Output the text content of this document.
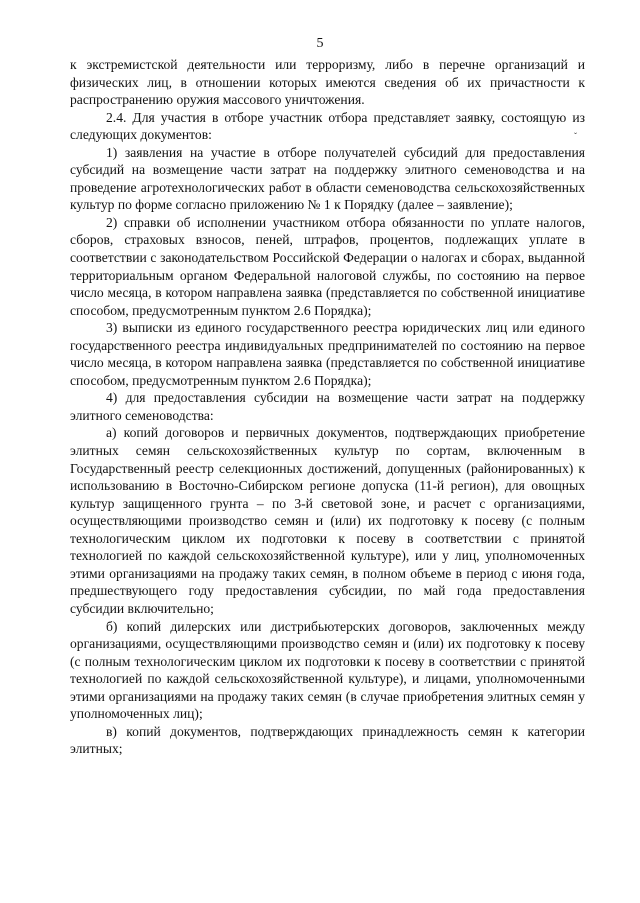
5
ˇ

к экстремистской деятельности или терроризму, либо в перечне организаций и физических лиц, в отношении которых имеются сведения об их причастности к распространению оружия массового уничтожения.

2.4. Для участия в отборе участник отбора представляет заявку, состоящую из следующих документов:

1) заявления на участие в отборе получателей субсидий для предоставления субсидий на возмещение части затрат на поддержку элитного семеноводства и на проведение агротехнологических работ в области семеноводства сельскохозяйственных культур по форме согласно приложению № 1 к Порядку (далее – заявление);

2) справки об исполнении участником отбора обязанности по уплате налогов, сборов, страховых взносов, пеней, штрафов, процентов, подлежащих уплате в соответствии с законодательством Российской Федерации о налогах и сборах, выданной территориальным органом Федеральной налоговой службы, по состоянию на первое число месяца, в котором направлена заявка (представляется по собственной инициативе способом, предусмотренным пунктом 2.6 Порядка);

3) выписки из единого государственного реестра юридических лиц или единого государственного реестра индивидуальных предпринимателей по состоянию на первое число месяца, в котором направлена заявка (представляется по собственной инициативе способом, предусмотренным пунктом 2.6 Порядка);

4) для предоставления субсидии на возмещение части затрат на поддержку элитного семеноводства:

а) копий договоров и первичных документов, подтверждающих приобретение элитных семян сельскохозяйственных культур по сортам, включенным в Государственный реестр селекционных достижений, допущенных (районированных) к использованию в Восточно-Сибирском регионе допуска (11-й регион), для овощных культур защищенного грунта – по 3-й световой зоне, и расчет с организациями, осуществляющими производство семян и (или) их подготовку к посеву (с полным технологическим циклом их подготовки к посеву в соответствии с принятой технологией по каждой сельскохозяйственной культуре), или у лиц, уполномоченных этими организациями на продажу таких семян, в полном объеме в период с июня года, предшествующего году предоставления субсидии, по май года предоставления субсидии включительно;

б) копий дилерских или дистрибьютерских договоров, заключенных между организациями, осуществляющими производство семян и (или) их подготовку к посеву (с полным технологическим циклом их подготовки к посеву в соответствии с принятой технологией по каждой сельскохозяйственной культуре), и лицами, уполномоченными этими организациями на продажу таких семян (в случае приобретения элитных семян у уполномоченных лиц);

в) копий документов, подтверждающих принадлежность семян к категории элитных;
